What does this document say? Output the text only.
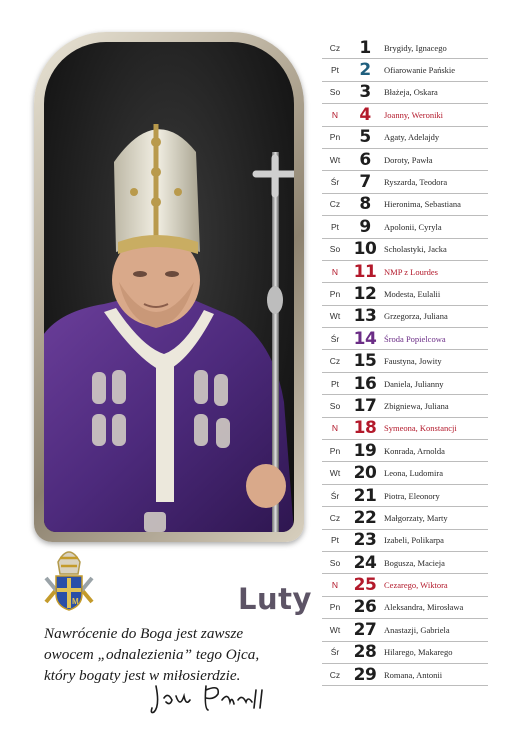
M	Luty
Nawrócenie do Boga jest zawsze
owocem „odnalezienia” tego Ojca,
który bogaty jest w miłosierdzie.
Cz	1	Brygidy, Ignacego
Pt	2	Ofiarowanie Pańskie
So	3	Błażeja, Oskara
N	4	Joanny, Weroniki
Pn	5	Agaty, Adelajdy
Wt	6	Doroty, Pawła
Śr	7	Ryszarda, Teodora
Cz	8	Hieronima, Sebastiana
Pt	9	Apolonii, Cyryla
So 10 Scholastyki, Jacka
N 11 NMP z Lourdes
Pn 12 Modesta, Eulalii
Wt 13 Grzegorza, Juliana
Śr 14 Środa Popielcowa
Cz 15 Faustyna, Jowity
Pt 16 Daniela, Julianny
So 17 Zbigniewa, Juliana
N 18 Symeona, Konstancji
Pn 19 Konrada, Arnolda
Wt 20 Leona, Ludomira
Śr 21 Piotra, Eleonory
Cz 22 Małgorzaty, Marty
Pt 23 Izabeli, Polikarpa
So 24 Bogusza, Macieja
N 25 Cezarego, Wiktora
Pn 26 Aleksandra, Mirosława
Wt 27 Anastazji, Gabriela
Śr 28 Hilarego, Makarego
Cz 29 Romana, Antonii
